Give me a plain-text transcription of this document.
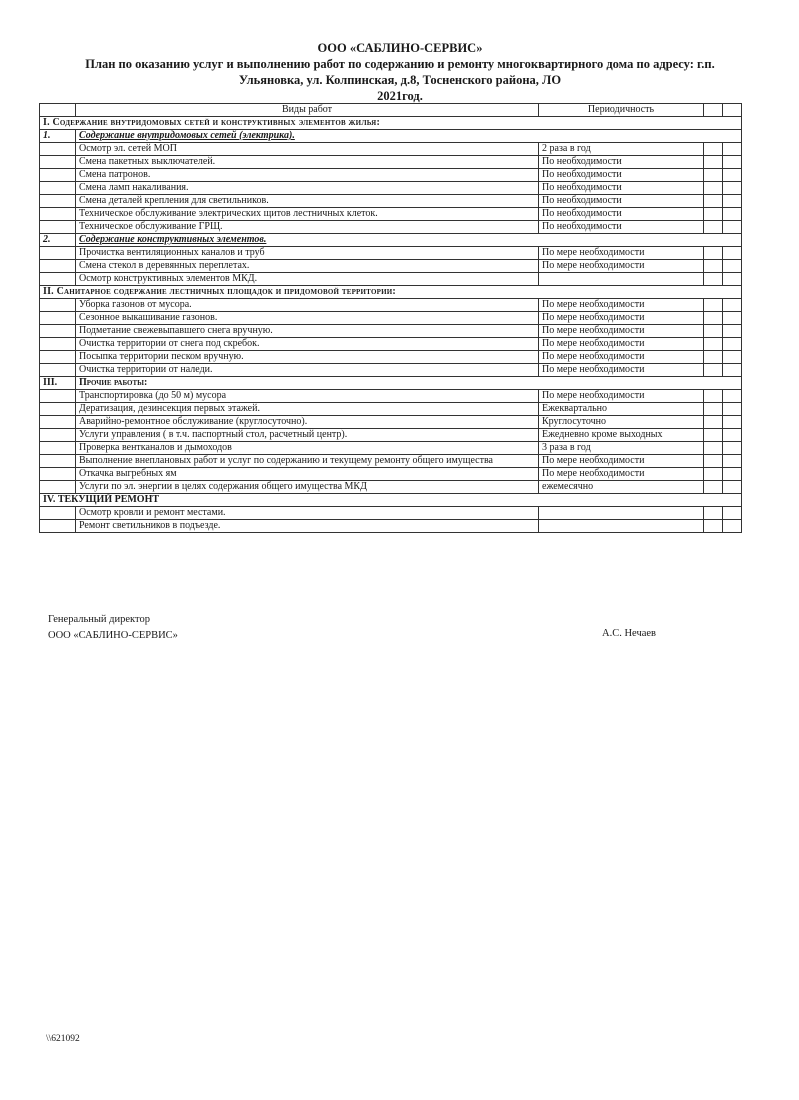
ООО «САБЛИНО-СЕРВИС»
План по оказанию услуг и выполнению работ по содержанию и ремонту многоквартирного дома по адресу: г.п.
Ульяновка, ул. Колпинская, д.8, Тосненского района, ЛО
2021год.
	Виды работ	Периодичность		
I. Содержание внутридомовых сетей и конструктивных элементов жилья:				
1.	Содержание внутридомовых сетей (электрика).			
	Осмотр эл. сетей МОП	2 раза в год		
	Смена пакетных выключателей.	По необходимости		
	Смена патронов.	По необходимости		
	Смена ламп накаливания.	По необходимости		
	Смена деталей крепления для светильников.	По необходимости		
	Техническое обслуживание электрических щитов лестничных клеток.	По необходимости		
	Техническое обслуживание ГРЩ.	По необходимости		
2.	Содержание конструктивных элементов.			
	Прочистка вентиляционных каналов и труб	По мере необходимости		
	Смена стекол в деревянных переплетах.	По мере необходимости		
	Осмотр конструктивных элементов МКД.			
II. Санитарное содержание лестничных площадок и придомовой территории:				
	Уборка газонов от мусора.	По мере необходимости		
	Сезонное выкашивание газонов.	По мере необходимости		
	Подметание свежевыпавшего снега вручную.	По мере необходимости		
	Очистка территории от снега под скребок.	По мере необходимости		
	Посыпка территории песком вручную.	По мере необходимости		
	Очистка территории от наледи.	По мере необходимости		
III.	Прочие работы:			
	Транспортировка (до 50 м) мусора	По мере необходимости		
	Дератизация, дезинсекция первых этажей.	Ежеквартально		
	Аварийно-ремонтное обслуживание (круглосуточно).	Круглосуточно		
	Услуги управления ( в т.ч. паспортный стол, расчетный центр).	Ежедневно кроме выходных		
	Проверка вентканалов и дымоходов	3 раза в год		
	Выполнение внеплановых работ и услуг по содержанию и текущему ремонту общего имущества	По мере необходимости		
	Откачка выгребных ям	По мере необходимости		
	Услуги по эл. энергии в целях содержания общего имущества МКД	ежемесячно		
IV. ТЕКУЩИЙ РЕМОНТ				
	Осмотр кровли и ремонт местами.			
	Ремонт светильников в подъезде.			
Генеральный директор
ООО «САБЛИНО-СЕРВИС»	А.С. Нечаев
\\621092
